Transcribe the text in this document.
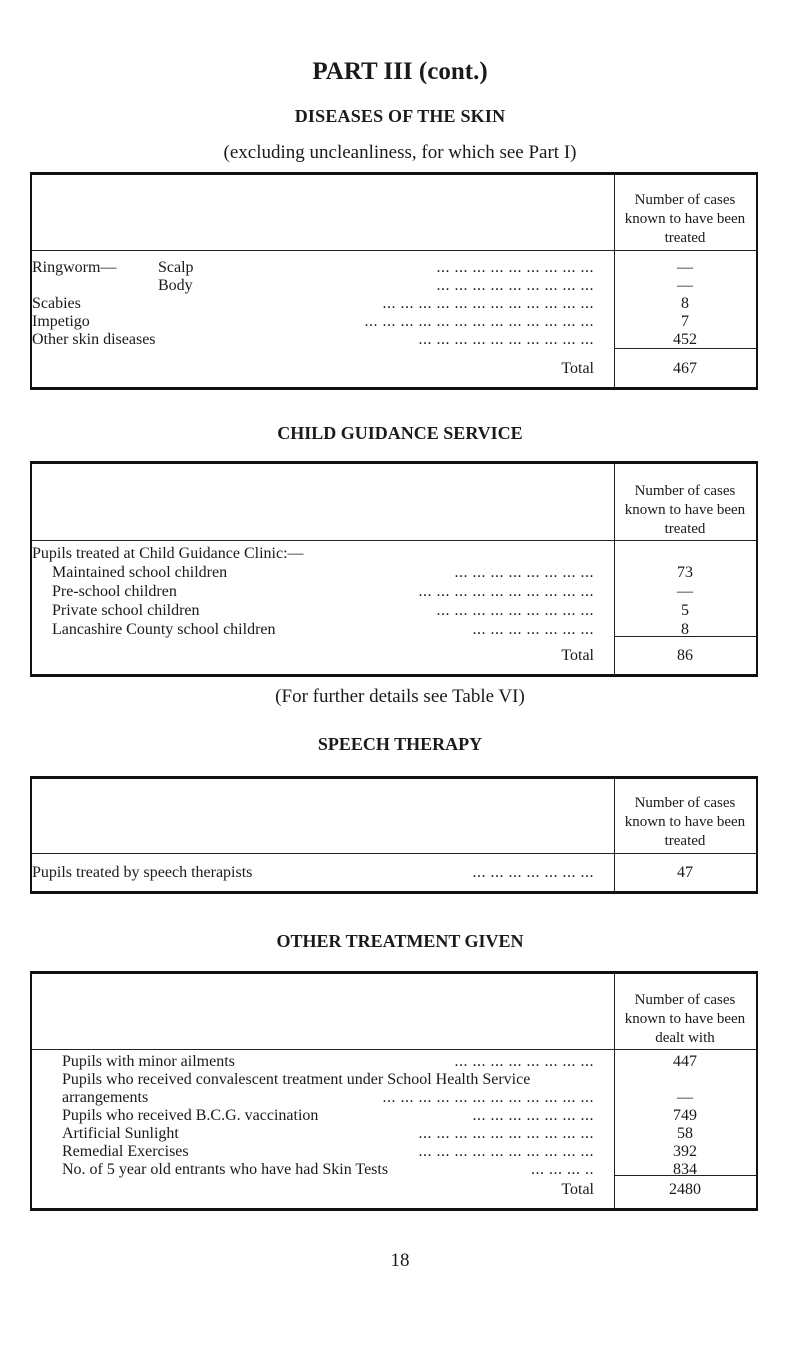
PART III (cont.)
DISEASES OF THE SKIN

(excluding uncleanliness, for which see Part I)

Number of cases known to have been treated
Ringworm—	Scalp	... ... ... ... ... ... ... ... ...	—
Body	... ... ... ... ... ... ... ... ...	—
Scabies	... ... ... ... ... ... ... ... ... ... ... ...	8
Impetigo	... ... ... ... ... ... ... ... ... ... ... ... ...	7
Other skin diseases	... ... ... ... ... ... ... ... ... ...	452
Total	467
CHILD GUIDANCE SERVICE
Number of cases known to have been treated
Pupils treated at Child Guidance Clinic:—
Maintained school children	... ... ... ... ... ... ... ...	73
Pre-school children	... ... ... ... ... ... ... ... ... ...	—
Private school children	... ... ... ... ... ... ... ... ...	5
Lancashire County school children	... ... ... ... ... ... ...	8
Total	86

(For further details see Table VI)

SPEECH THERAPY
Number of cases known to have been treated
Pupils treated by speech therapists	... ... ... ... ... ... ...	47
OTHER TREATMENT GIVEN
Number of cases known to have been dealt with
Pupils with minor ailments	... ... ... ... ... ... ... ...	447
Pupils who received convalescent treatment under School Health Service
arrangements	... ... ... ... ... ... ... ... ... ... ... ...	—
Pupils who received B.C.G. vaccination	... ... ... ... ... ... ...	749
Artificial Sunlight	... ... ... ... ... ... ... ... ... ...	58
Remedial Exercises	... ... ... ... ... ... ... ... ... ...	392
No. of 5 year old entrants who have had Skin Tests	... ... ... ..	834
Total	2480
18
